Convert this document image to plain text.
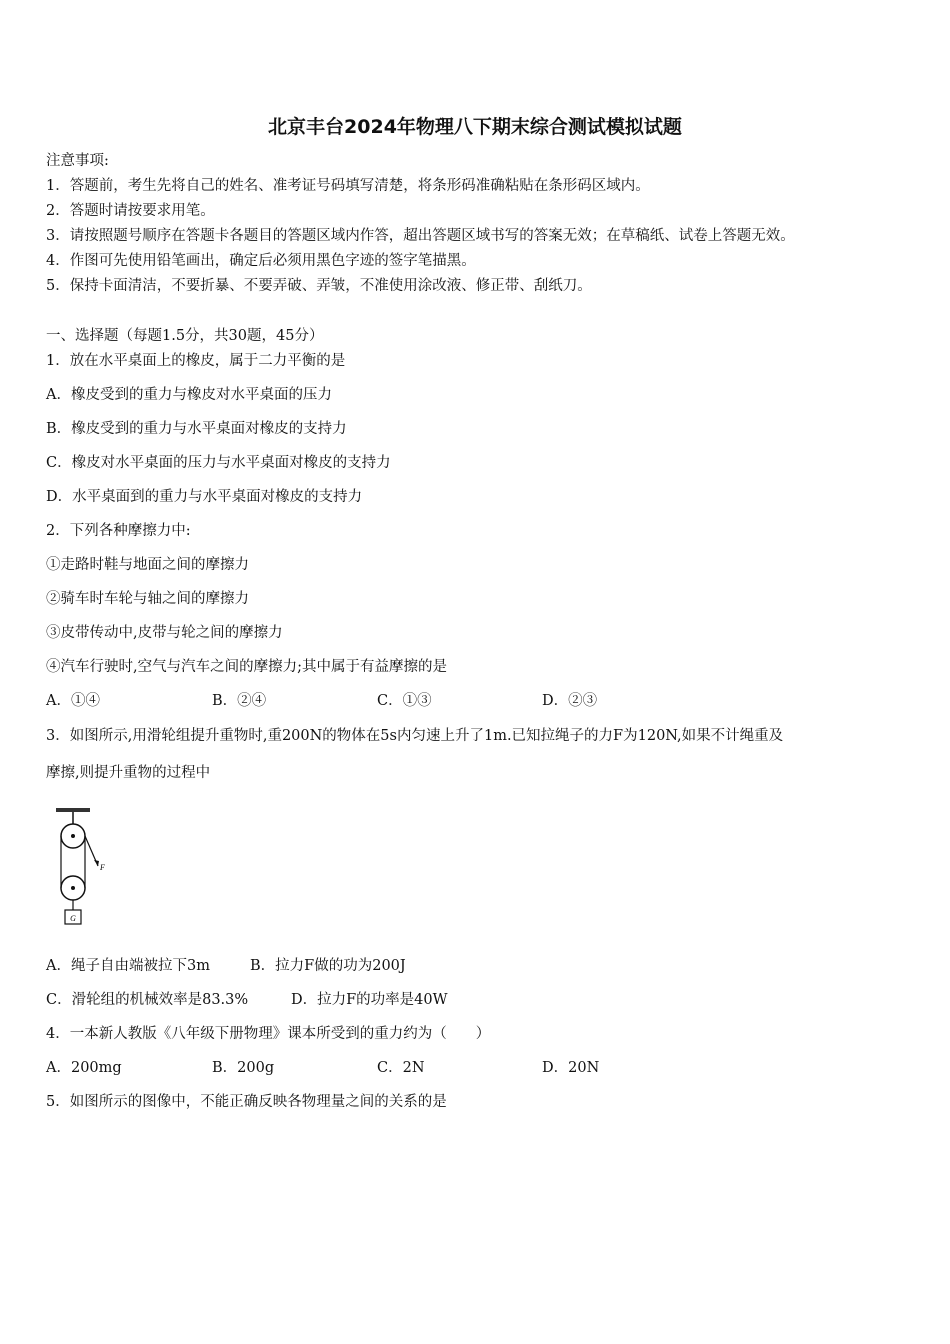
北京丰台2024年物理八下期末综合测试模拟试题
注意事项:
1．答题前，考生先将自己的姓名、准考证号码填写清楚，将条形码准确粘贴在条形码区域内。
2．答题时请按要求用笔。
3．请按照题号顺序在答题卡各题目的答题区域内作答，超出答题区域书写的答案无效；在草稿纸、试卷上答题无效。
4．作图可先使用铅笔画出，确定后必须用黑色字迹的签字笔描黑。
5．保持卡面清洁，不要折暴、不要弄破、弄皱，不准使用涂改液、修正带、刮纸刀。
一、选择题（每题1.5分，共30题，45分）
1．放在水平桌面上的橡皮，属于二力平衡的是
A．橡皮受到的重力与橡皮对水平桌面的压力
B．橡皮受到的重力与水平桌面对橡皮的支持力
C．橡皮对水平桌面的压力与水平桌面对橡皮的支持力
D．水平桌面到的重力与水平桌面对橡皮的支持力
2．下列各种摩擦力中:
①走路时鞋与地面之间的摩擦力
②骑车时车轮与轴之间的摩擦力
③皮带传动中,皮带与轮之间的摩擦力
④汽车行驶时,空气与汽车之间的摩擦力;其中属于有益摩擦的是
A．①④	B．②④	C．①③	D．②③
3．如图所示,用滑轮组提升重物时,重200N的物体在5s内匀速上升了1m.已知拉绳子的力F为120N,如果不计绳重及
摩擦,则提升重物的过程中
F
G
A．绳子自由端被拉下3m	B．拉力F做的功为200J
C．滑轮组的机械效率是83.3%	D．拉力F的功率是40W
4．一本新人教版《八年级下册物理》课本所受到的重力约为（　　）
A．200mg	B．200g	C．2N	D．20N
5．如图所示的图像中，不能正确反映各物理量之间的关系的是
